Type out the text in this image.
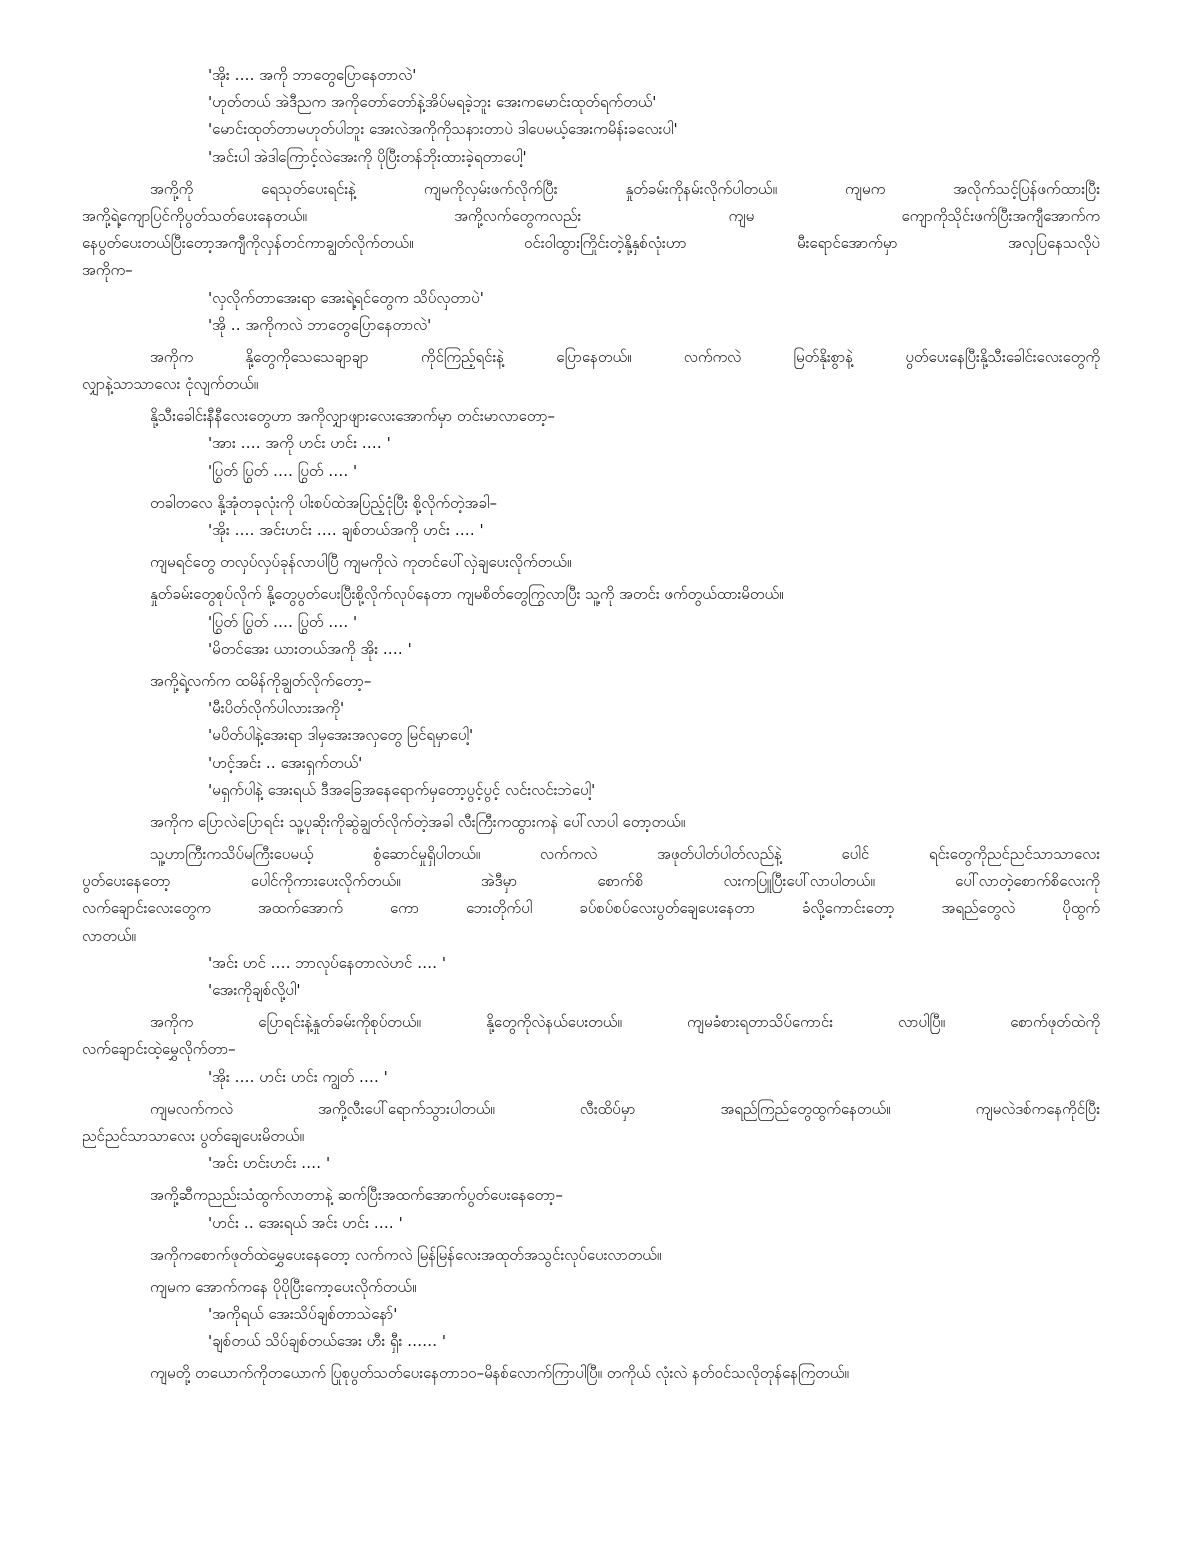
'အိုး ‥‥ အကို ဘာတွေပြောနေတာလဲ'
'ဟုတ်တယ် အဲဒီညက အကိုတော်တော်နဲ့အိပ်မရခဲ့ဘူး အေးကမောင်းထုတ်ရက်တယ်'
'မောင်းထုတ်တာမဟုတ်ပါဘူး အေးလဲအကိုကိုသနားတာပဲ ဒါပေမယ့်အေးကမိန်းခလေးပါ'
'အင်းပါ အဲဒါကြောင့်လဲအေးကို ပိုပြီးတန်ဘိုးထားခဲ့ရတာပေါ့'
အကို့ကို ရေသုတ်ပေးရင်းနဲ့ ကျမကိုလှမ်းဖက်လိုက်ပြီး နှုတ်ခမ်းကိုနမ်းလိုက်ပါတယ်။ ကျမက အလိုက်သင့်ပြန်ဖက်ထားပြီး
အကို့ရဲ့ကျောပြင်ကိုပွတ်သတ်ပေးနေတယ်။ အကို့လက်တွေကလည်း ကျမ ကျောကိုသိုင်းဖက်ပြီးအကျီအောက်က
နေပွတ်ပေးတယ်ပြီးတော့အကျီကိုလှန်တင်ကာချွတ်လိုက်တယ်။ ဝင်းဝါထွားကြိုင်းတဲ့နို့နှစ်လုံးဟာ မီးရောင်အောက်မှာ အလှပြနေသလိုပဲ
အကိုက–
'လှလိုက်တာအေးရာ အေးရဲ့ရင်တွေက သိပ်လှတာပဲ'
'အို ‥ အကိုကလဲ ဘာတွေပြောနေတာလဲ'
အကိုက နို့တွေကိုသေသေချာချာ ကိုင်ကြည့်ရင်းနဲ့ ပြောနေတယ်။ လက်ကလဲ မြတ်နိုးစွာနဲ့ ပွတ်ပေးနေပြီးနို့သီးခေါင်းလေးတွေကို
လျှာနဲ့သာသာလေး ငုံလျက်တယ်။
နို့သီးခေါင်းနီနီလေးတွေဟာ အကိုလျှာဖျားလေးအောက်မှာ တင်းမာလာတော့–
'အား ‥‥ အကို ဟင်း ဟင်း ‥‥ '
'ပြွတ် ပြွတ် ‥‥ ပြွတ် ‥‥ '
တခါတလေ နို့အုံတခုလုံးကို ပါးစပ်ထဲအပြည့်ငုံပြီး စို့လိုက်တဲ့အခါ–
'အိုး ‥‥ အင်းဟင်း ‥‥ ချစ်တယ်အကို ဟင်း ‥‥ '
ကျမရင်တွေ တလှပ်လှပ်ခုန်လာပါပြီ ကျမကိုလဲ ကုတင်ပေါ်လှဲချပေးလိုက်တယ်။
နှုတ်ခမ်းတွေစုပ်လိုက် နို့တွေပွတ်ပေးပြီးစို့လိုက်လုပ်နေတာ ကျမစိတ်တွေကြွလာပြီး သူ့ကို အတင်း ဖက်တွယ်ထားမိတယ်။
'ပြွတ် ပြွတ် ‥‥ ပြွတ် ‥‥ '
'မိတင်အေး ယားတယ်အကို အိုး ‥‥ '
အကို့ရဲ့လက်က ထမိန်ကိုချွတ်လိုက်တော့–
'မီးပိတ်လိုက်ပါလားအကို'
'မပိတ်ပါနဲ့အေးရာ ဒါမှအေးအလှတွေ မြင်ရမှာပေါ့'
'ဟင့်အင်း ‥ အေးရှက်တယ်'
'မရှက်ပါနဲ့ အေးရယ် ဒီအခြေအနေရောက်မှတော့ပွင့်ပွင့် လင်းလင်းဘဲပေါ့'
အကိုက ပြောလဲပြောရင်း သူ့ပုဆိုးကိုဆွဲချွတ်လိုက်တဲ့အခါ လီးကြီးကထွားကနဲ ပေါ်လာပါ တော့တယ်။
သူ့ဟာကြီးကသိပ်မကြီးပေမယ့် စွံဆောင်မှုရှိပါတယ်။ လက်ကလဲ အဖုတ်ပါတ်ပါတ်လည်နဲ့ ပေါင် ရင်းတွေကိုညင်ညင်သာသာလေး
ပွတ်ပေးနေတော့ ပေါင်ကိုကားပေးလိုက်တယ်။ အဲဒီမှာ စောက်စိ လးကပြူပြီးပေါ်လာပါတယ်။ ပေါ်လာတဲ့စောက်စိလေးကို
လက်ချောင်းလေးတွေက အထက်အောက် ကော ဘေးတိုက်ပါ ခပ်စပ်စပ်လေးပွတ်ချေပေးနေတာ ခံလို့ကောင်းတော့ အရည်တွေလဲ ပိုထွက်
လာတယ်။
'အင်း ဟင် ‥‥ ဘာလုပ်နေတာလဲဟင် ‥‥ '
'အေးကိုချစ်လို့ပါ'
အကိုက ပြောရင်းနဲ့နှုတ်ခမ်းကိုစုပ်တယ်။ နို့တွေကိုလဲနယ်ပေးတယ်။ ကျမခံစားရတာသိပ်ကောင်း လာပါပြီ။ စောက်ဖုတ်ထဲကို
လက်ချောင်းထဲ့မွှေလိုက်တာ–
'အိုး ‥‥ ဟင်း ဟင်း ကျွတ် ‥‥ '
ကျမလက်ကလဲ အကို့လီးပေါ်ရောက်သွားပါတယ်။ လီးထိပ်မှာ အရည်ကြည်တွေထွက်နေတယ်။ ကျမလဲဒစ်ကနေကိုင်ပြီး
ညင်ညင်သာသာလေး ပွတ်ချေပေးမိတယ်။
'အင်း ဟင်းဟင်း ‥‥ '
အကို့ဆီကညည်းသံထွက်လာတာနဲ့ ဆက်ပြီးအထက်အောက်ပွတ်ပေးနေတော့–
'ဟင်း ‥ အေးရယ် အင်း ဟင်း ‥‥ '
အကိုကစောက်ဖုတ်ထဲမွှေပေးနေတော့ လက်ကလဲ မြန်မြန်လေးအထုတ်အသွင်းလုပ်ပေးလာတယ်။
ကျမက အောက်ကနေ ပိုပိုပြီးကော့ပေးလိုက်တယ်။
'အကိုရယ် အေးသိပ်ချစ်တာသဲနော်'
'ချစ်တယ် သိပ်ချစ်တယ်အေး ဟီး ရှီး ‥‥‥ '
ကျမတို့ တယောက်ကိုတယောက် ပြုစုပွတ်သတ်ပေးနေတာ၁၀–မိနစ်လောက်ကြာပါပြီ။ တကိုယ် လုံးလဲ နတ်ဝင်သလိုတုန်နေကြတယ်။
